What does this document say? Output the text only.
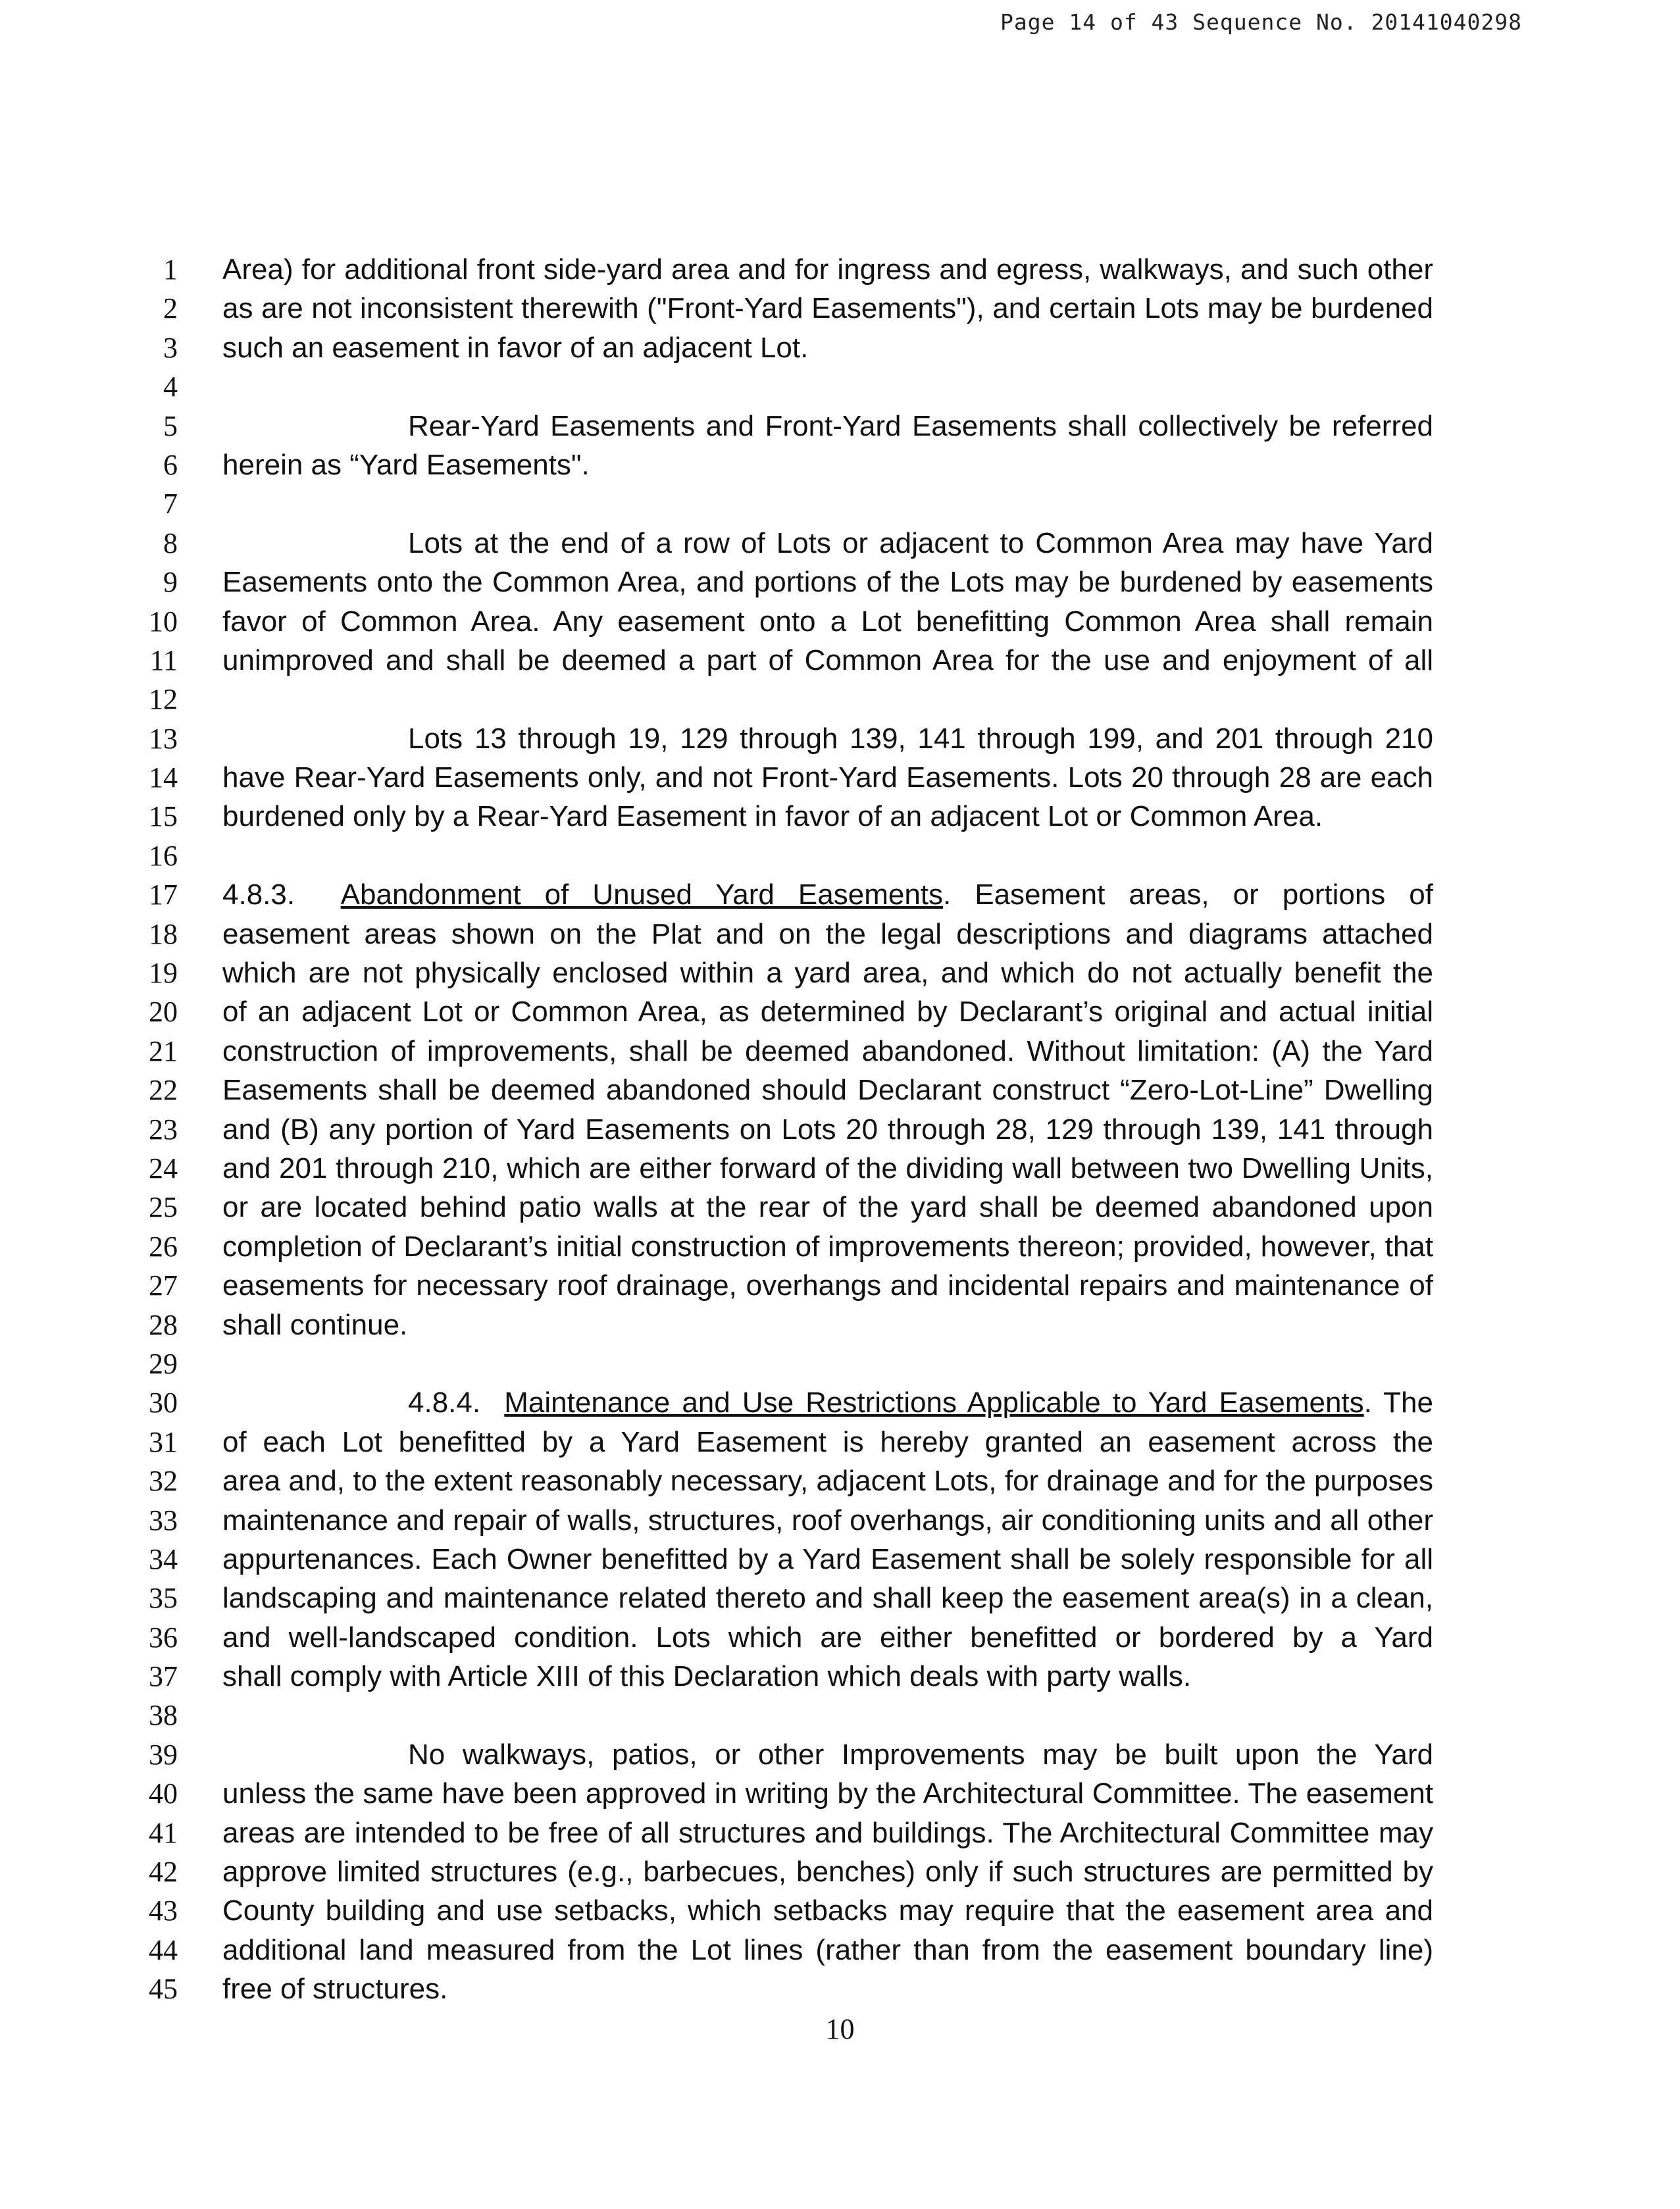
Page 14 of 43 Sequence No. 20141040298
1 Area) for additional front side-yard area and for ingress and egress, walkways, and such other
2 as are not inconsistent therewith ("Front-Yard Easements"), and certain Lots may be burdened
3 such an easement in favor of an adjacent Lot.
4
5	Rear-Yard Easements and Front-Yard Easements shall collectively be referred
6 herein as “Yard Easements".
7
8	Lots at the end of a row of Lots or adjacent to Common Area may have Yard
9 Easements onto the Common Area, and portions of the Lots may be burdened by easements
10 favor of Common Area. Any easement onto a Lot benefitting Common Area shall remain
11 unimproved and shall be deemed a part of Common Area for the use and enjoyment of all
12
13	Lots 13 through 19, 129 through 139, 141 through 199, and 201 through 210
14 have Rear-Yard Easements only, and not Front-Yard Easements. Lots 20 through 28 are each
15 burdened only by a Rear-Yard Easement in favor of an adjacent Lot or Common Area.
16
17 4.8.3.  Abandonment of Unused Yard Easements. Easement areas, or portions of
18 easement areas shown on the Plat and on the legal descriptions and diagrams attached
19 which are not physically enclosed within a yard area, and which do not actually benefit the
20 of an adjacent Lot or Common Area, as determined by Declarant’s original and actual initial
21 construction of improvements, shall be deemed abandoned. Without limitation: (A) the Yard
22 Easements shall be deemed abandoned should Declarant construct “Zero-Lot-Line” Dwelling
23 and (B) any portion of Yard Easements on Lots 20 through 28, 129 through 139, 141 through
24 and 201 through 210, which are either forward of the dividing wall between two Dwelling Units,
25 or are located behind patio walls at the rear of the yard shall be deemed abandoned upon
26 completion of Declarant’s initial construction of improvements thereon; provided, however, that
27 easements for necessary roof drainage, overhangs and incidental repairs and maintenance of
28 shall continue.
29
30	4.8.4.  Maintenance and Use Restrictions Applicable to Yard Easements. The
31 of each Lot benefitted by a Yard Easement is hereby granted an easement across the
32 area and, to the extent reasonably necessary, adjacent Lots, for drainage and for the purposes
33 maintenance and repair of walls, structures, roof overhangs, air conditioning units and all other
34 appurtenances. Each Owner benefitted by a Yard Easement shall be solely responsible for all
35 landscaping and maintenance related thereto and shall keep the easement area(s) in a clean,
36 and well-landscaped condition. Lots which are either benefitted or bordered by a Yard
37 shall comply with Article XIII of this Declaration which deals with party walls.
38
39	No walkways, patios, or other Improvements may be built upon the Yard
40 unless the same have been approved in writing by the Architectural Committee. The easement
41 areas are intended to be free of all structures and buildings. The Architectural Committee may
42 approve limited structures (e.g., barbecues, benches) only if such structures are permitted by
43 County building and use setbacks, which setbacks may require that the easement area and
44 additional land measured from the Lot lines (rather than from the easement boundary line)
45 free of structures.
10
